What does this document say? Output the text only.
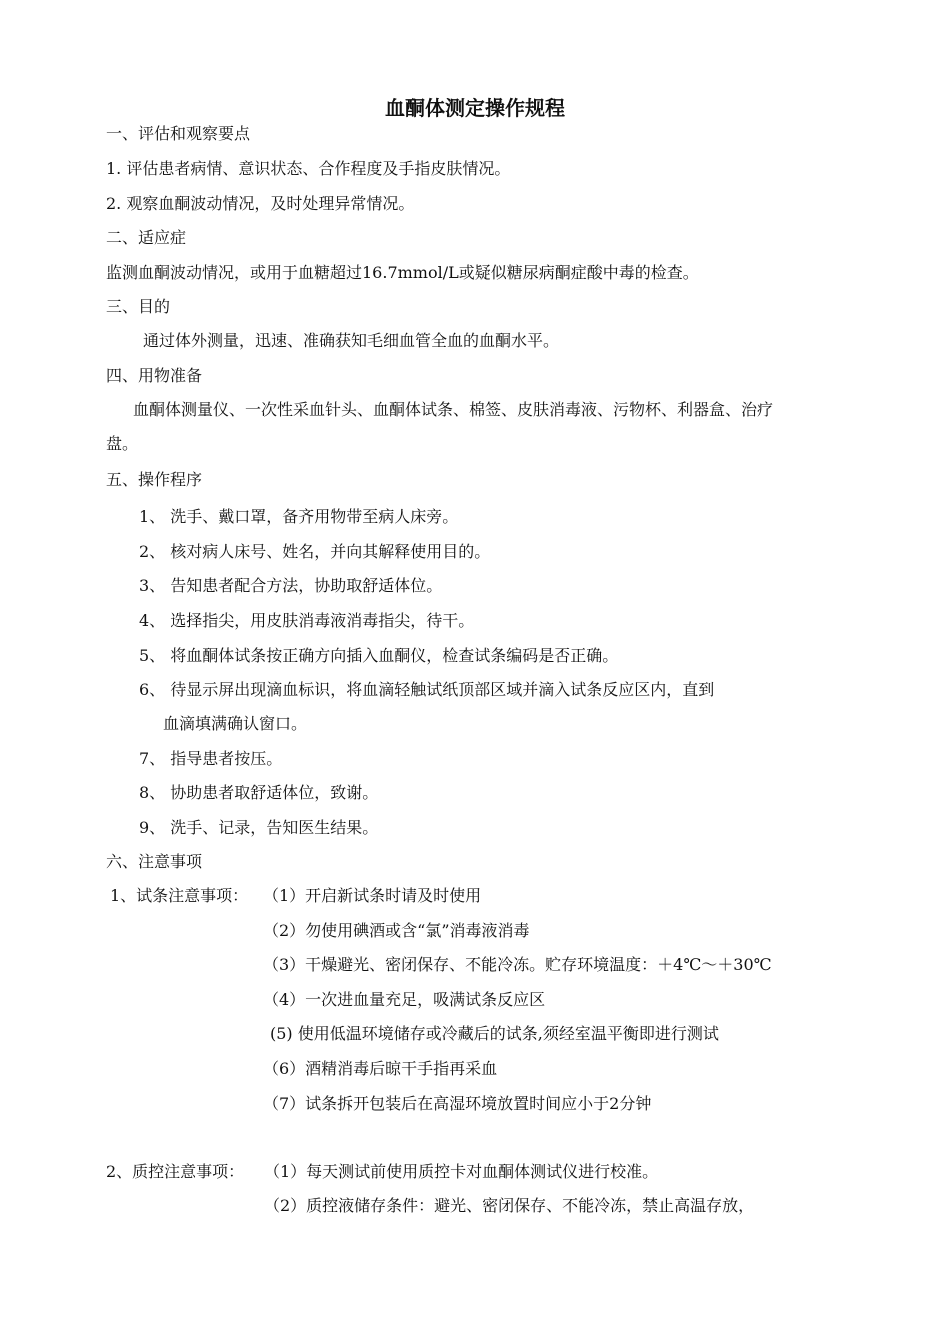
血酮体测定操作规程
一、评估和观察要点
1. 评估患者病情、意识状态、合作程度及手指皮肤情况。
2. 观察血酮波动情况，及时处理异常情况。
二、适应症
监测血酮波动情况，或用于血糖超过16.7mmol/L或疑似糖尿病酮症酸中毒的检查。
三、目的
通过体外测量，迅速、准确获知毛细血管全血的血酮水平。
四、用物准备
血酮体测量仪、一次性采血针头、血酮体试条、棉签、皮肤消毒液、污物杯、利器盒、治疗
盘。
五、操作程序
1、 洗手、戴口罩，备齐用物带至病人床旁。
2、 核对病人床号、姓名，并向其解释使用目的。
3、 告知患者配合方法，协助取舒适体位。
4、 选择指尖，用皮肤消毒液消毒指尖，待干。
5、 将血酮体试条按正确方向插入血酮仪，检查试条编码是否正确。
6、 待显示屏出现滴血标识，将血滴轻触试纸顶部区域并滴入试条反应区内，直到
血滴填满确认窗口。
7、 指导患者按压。
8、 协助患者取舒适体位，致谢。
9、 洗手、记录，告知医生结果。
六、注意事项
1、试条注意事项： （1）开启新试条时请及时使用
（2）勿使用碘酒或含“氯”消毒液消毒
（3）干燥避光、密闭保存、不能冷冻。贮存环境温度：＋4℃～＋30℃
（4）一次进血量充足，吸满试条反应区
(5) 使用低温环境储存或冷藏后的试条,须经室温平衡即进行测试
（6）酒精消毒后晾干手指再采血
（7）试条拆开包装后在高湿环境放置时间应小于2分钟
2、质控注意事项： （1）每天测试前使用质控卡对血酮体测试仪进行校准。
（2）质控液储存条件：避光、密闭保存、不能冷冻，禁止高温存放，
